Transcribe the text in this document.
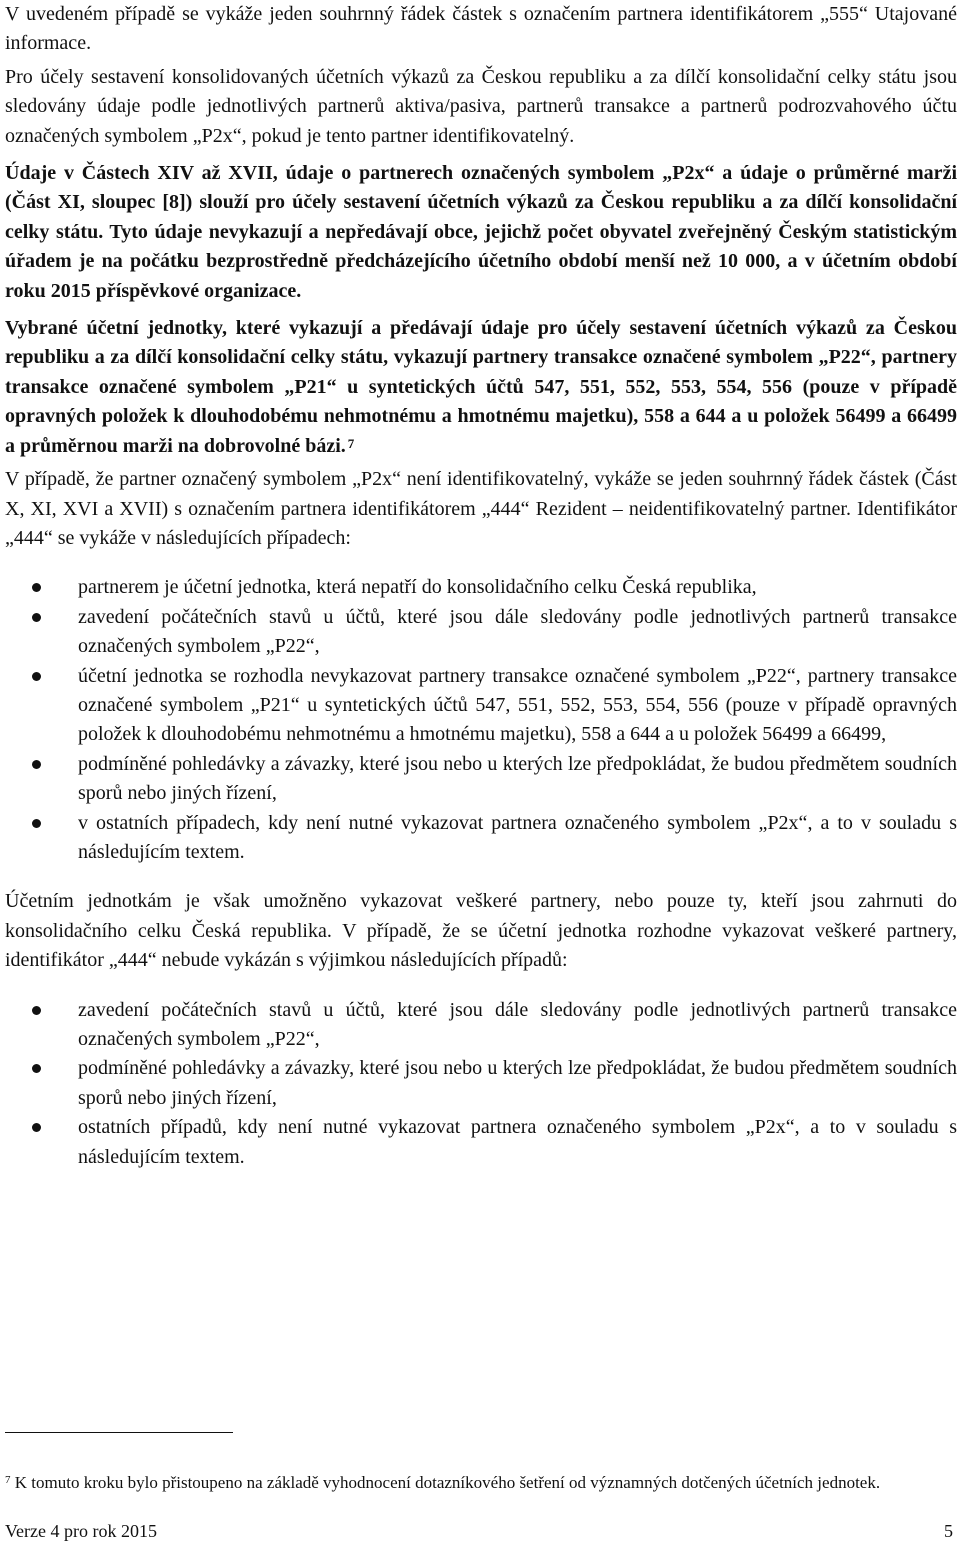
V uvedeném případě se vykáže jeden souhrnný řádek částek s označením partnera identifikátorem „555“ Utajované informace.

Pro účely sestavení konsolidovaných účetních výkazů za Českou republiku a za dílčí konsolidační celky státu jsou sledovány údaje podle jednotlivých partnerů aktiva/pasiva, partnerů transakce a partnerů podrozvahového účtu označených symbolem „P2x“, pokud je tento partner identifikovatelný.

Údaje v Částech XIV až XVII, údaje o partnerech označených symbolem „P2x“ a údaje o průměrné marži (Část XI, sloupec [8]) slouží pro účely sestavení účetních výkazů za Českou republiku a za dílčí konsolidační celky státu. Tyto údaje nevykazují a nepředávají obce, jejichž počet obyvatel zveřejněný Českým statistickým úřadem je na počátku bezprostředně předcházejícího účetního období menší než 10 000, a v účetním období roku 2015 příspěvkové organizace.

Vybrané účetní jednotky, které vykazují a předávají údaje pro účely sestavení účetních výkazů za Českou republiku a za dílčí konsolidační celky státu, vykazují partnery transakce označené symbolem „P22“, partnery transakce označené symbolem „P21“ u syntetických účtů 547, 551, 552, 553, 554, 556 (pouze v případě opravných položek k dlouhodobému nehmotnému a hmotnému majetku), 558 a 644 a u položek 56499 a 66499 a průměrnou marži na dobrovolné bázi. $^7$

V případě, že partner označený symbolem „P2x“ není identifikovatelný, vykáže se jeden souhrnný řádek částek (Část X, XI, XVI a XVII) s označením partnera identifikátorem „444“ Rezident – neidentifikovatelný partner. Identifikátor „444“ se vykáže v následujících případech:

partnerem je účetní jednotka, která nepatří do konsolidačního celku Česká republika,
zavedení počátečních stavů u účtů, které jsou dále sledovány podle jednotlivých partnerů transakce označených symbolem „P22“,
účetní jednotka se rozhodla nevykazovat partnery transakce označené symbolem „P22“, partnery transakce označené symbolem „P21“ u syntetických účtů 547, 551, 552, 553, 554, 556 (pouze v případě opravných položek k dlouhodobému nehmotnému a hmotnému majetku), 558 a 644 a u položek 56499 a 66499,
podmíněné pohledávky a závazky, které jsou nebo u kterých lze předpokládat, že budou předmětem soudních sporů nebo jiných řízení,
v ostatních případech, kdy není nutné vykazovat partnera označeného symbolem „P2x“, a to v souladu s následujícím textem.

Účetním jednotkám je však umožněno vykazovat veškeré partnery, nebo pouze ty, kteří jsou zahrnuti do konsolidačního celku Česká republika. V případě, že se účetní jednotka rozhodne vykazovat veškeré partnery, identifikátor „444“ nebude vykázán s výjimkou následujících případů:

zavedení počátečních stavů u účtů, které jsou dále sledovány podle jednotlivých partnerů transakce označených symbolem „P22“,
podmíněné pohledávky a závazky, které jsou nebo u kterých lze předpokládat, že budou předmětem soudních sporů nebo jiných řízení,
ostatních případů, kdy není nutné vykazovat partnera označeného symbolem „P2x“, a to v souladu s následujícím textem.
$^7$ K tomuto kroku bylo přistoupeno na základě vyhodnocení dotazníkového šetření od významných dotčených účetních jednotek.
Verze 4 pro rok 2015	5
